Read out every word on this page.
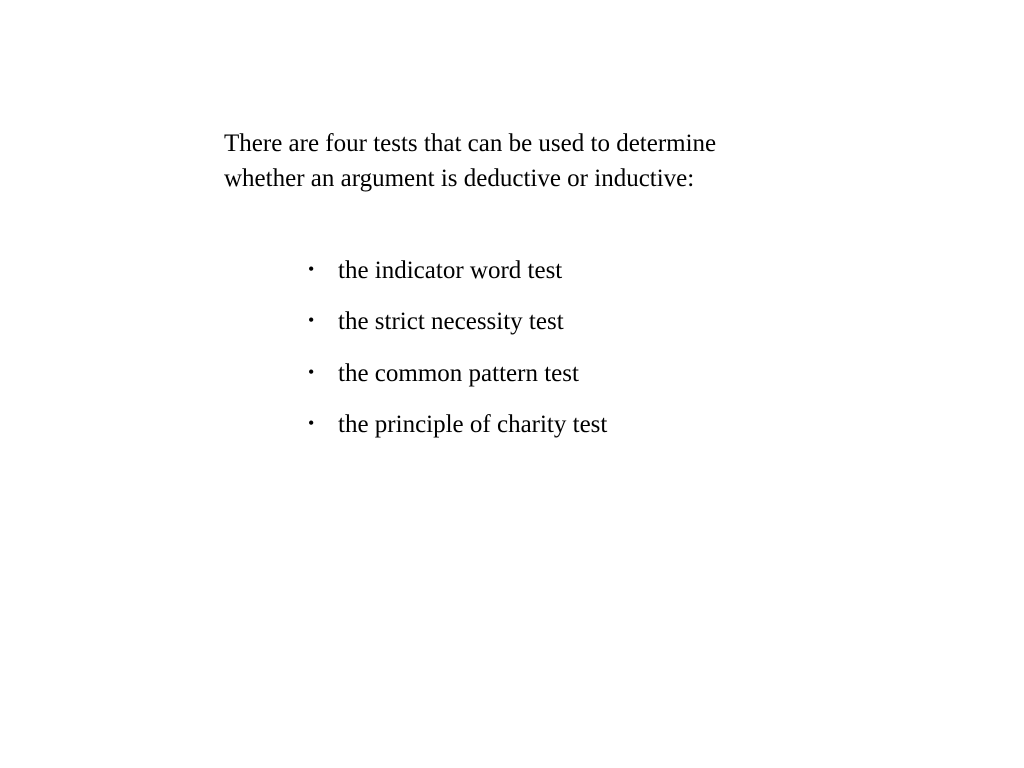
There are four tests that can be used to determine
whether an argument is deductive or inductive:

• the indicator word test
• the strict necessity test
• the common pattern test
• the principle of charity test
